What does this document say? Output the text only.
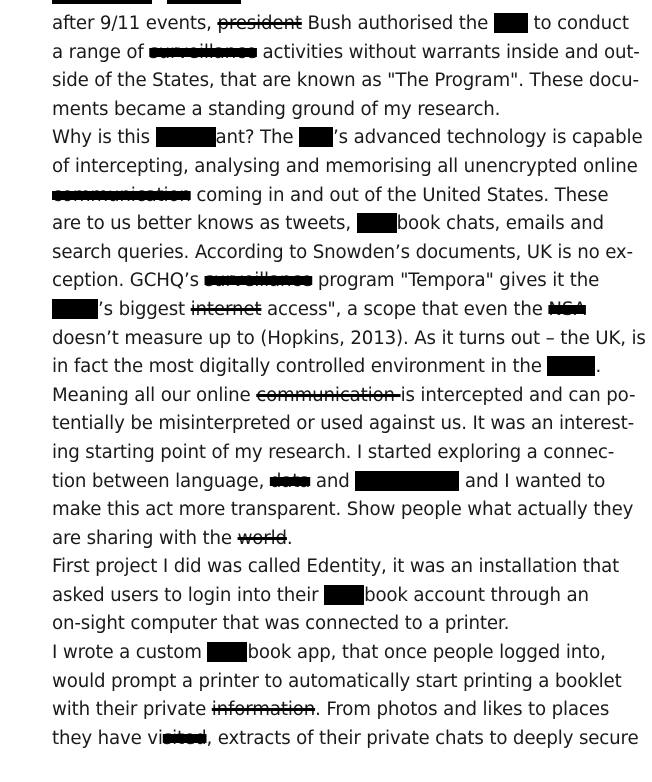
after 9/11 events, president Bush authorised the  to conduct
a range of surveillance activities without warrants inside and out-
side of the States, that are known as "The Program". These docu-
ments became a standing ground of my research.
Why is this	ant? The ’s advanced technology is capable
of intercepting, analysing and memorising all unencrypted online
communication coming in and out of the United States. These
are to us better knows as tweets, book chats, emails and
search queries. According to Snowden’s documents, UK is no ex-
ception. GCHQ’s surveillance program "Tempora" gives it the
’s biggest internet access", a scope that even the NSA
doesn’t measure up to (Hopkins, 2013). As it turns out – the UK, is
in fact the most digitally controlled environment in the	.
Meaning all our online communication is intercepted and can po-
tentially be misinterpreted or used against us. It was an interest-
ing starting point of my research. I started exploring a connec-
tion between language, data and	and I wanted to
make this act more transparent. Show people what actually they
are sharing with the world.
First project I did was called Edentity, it was an installation that
asked users to login into their book account through an
on-sight computer that was connected to a printer.
I wrote a custom book app, that once people logged into,
would prompt a printer to automatically start printing a booklet
with their private information. From photos and likes to places
they have visited, extracts of their private chats to deeply secure
